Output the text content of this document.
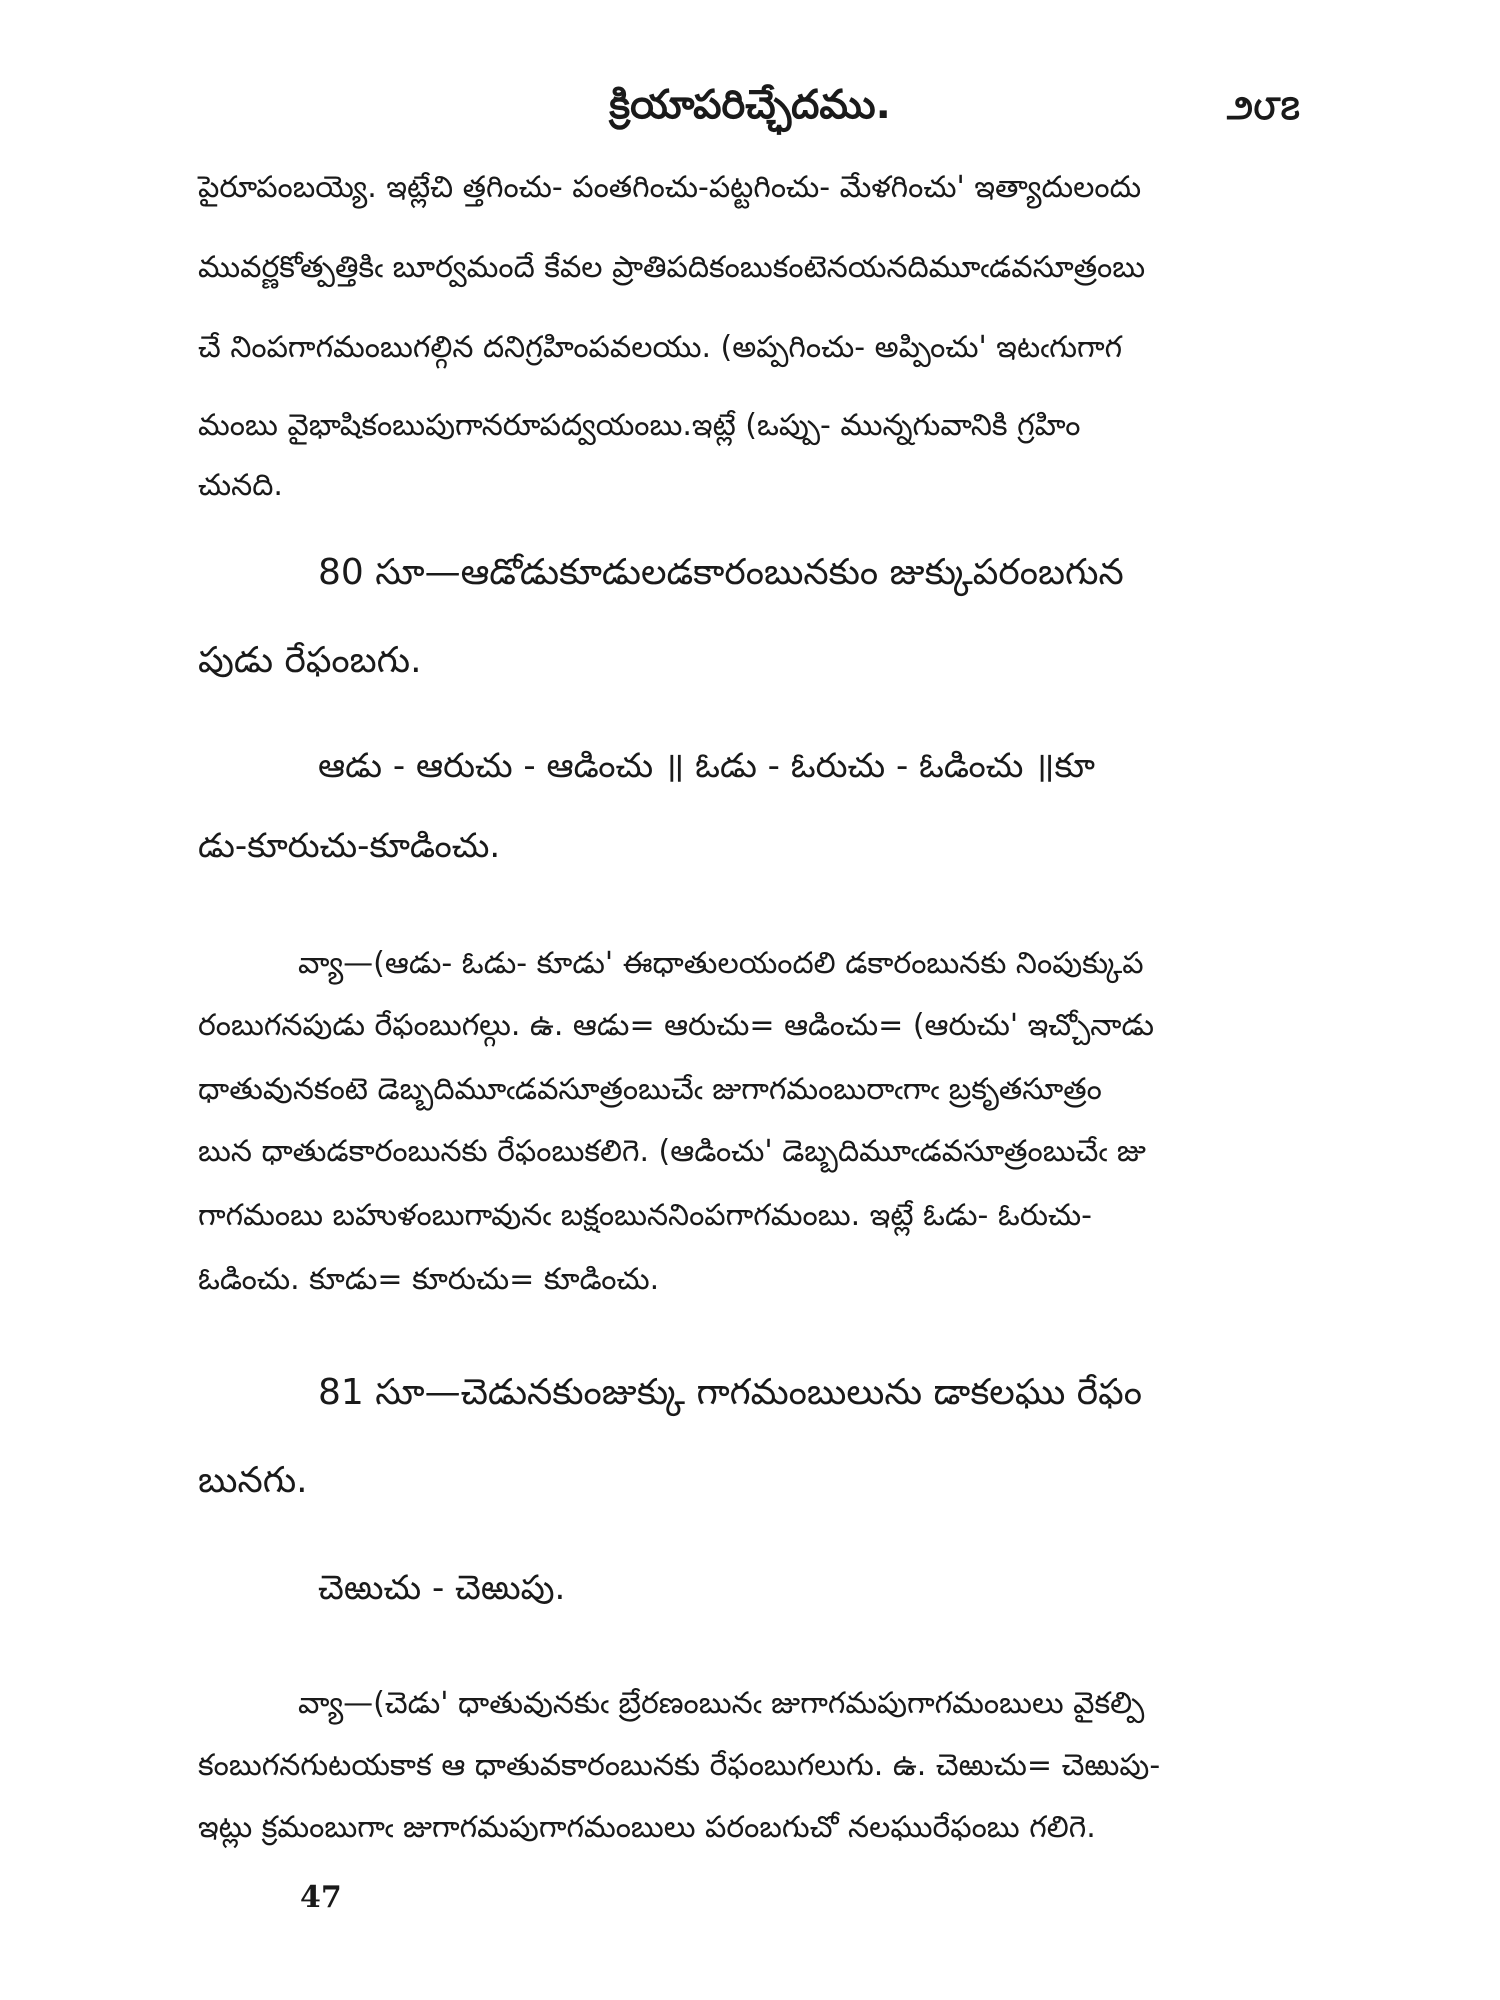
క్రియాపరిచ్ఛేదము.	౨౮౭
పైరూపంబయ్యె. ఇట్లేచి త్తగించు- పంతగించు-పట్టగించు- మేళగించు' ఇత్యాదులందు
మువర్ణకోత్పత్తికిఁ బూర్వమందే కేవల ప్రాతిపదికంబుకంటెనయనదిమూఁడవసూత్రంబు
చే నింపగాగమంబుగల్గిన దనిగ్రహింపవలయు. (అప్పగించు- అప్పించు' ఇటఁగుగాగ
మంబు వైభాషికంబుపుగానరూపద్వయంబు.ఇట్లే (ఒప్పు- మున్నగువానికి గ్రహిం
చునది.
80 సూ—ఆడోడుకూడులడకారంబునకుం జుక్కుపరంబగున
పుడు రేఫంబగు.
ఆడు - ఆరుచు - ఆడించు ॥ ఓడు - ఓరుచు - ఓడించు ॥కూ
డు-కూరుచు-కూడించు.
వ్యా—(ఆడు- ఓడు- కూడు' ఈధాతులయందలి డకారంబునకు నింపుక్కుప
రంబుగనపుడు రేఫంబుగల్గు. ఉ. ఆడు= ఆరుచు= ఆడించు= (ఆరుచు' ఇచ్చోనాడు
ధాతువునకంటె డెబ్బదిమూఁడవసూత్రంబుచేఁ జుగాగమంబురాఁగాఁ బ్రకృతసూత్రం
బున ధాతుడకారంబునకు రేఫంబుకలిగె. (ఆడించు' డెబ్బదిమూఁడవసూత్రంబుచేఁ జు
గాగమంబు బహుళంబుగావునఁ బక్షంబుననింపగాగమంబు. ఇట్లే ఓడు- ఓరుచు-
ఓడించు. కూడు= కూరుచు= కూడించు.
81 సూ—చెడునకుంజుక్కు గాగమంబులును డాకలఘు రేఫం
బునగు.
చెఱుచు - చెఱుపు.
వ్యా—(చెడు' ధాతువునకుఁ బ్రేరణంబునఁ జుగాగమపుగాగమంబులు వైకల్పి
కంబుగనగుటయకాక ఆ ధాతువకారంబునకు రేఫంబుగలుగు. ఉ. చెఱుచు= చెఱుపు-
ఇట్లు క్రమంబుగాఁ జుగాగమపుగాగమంబులు పరంబగుచో నలఘురేఫంబు గలిగె.
47
